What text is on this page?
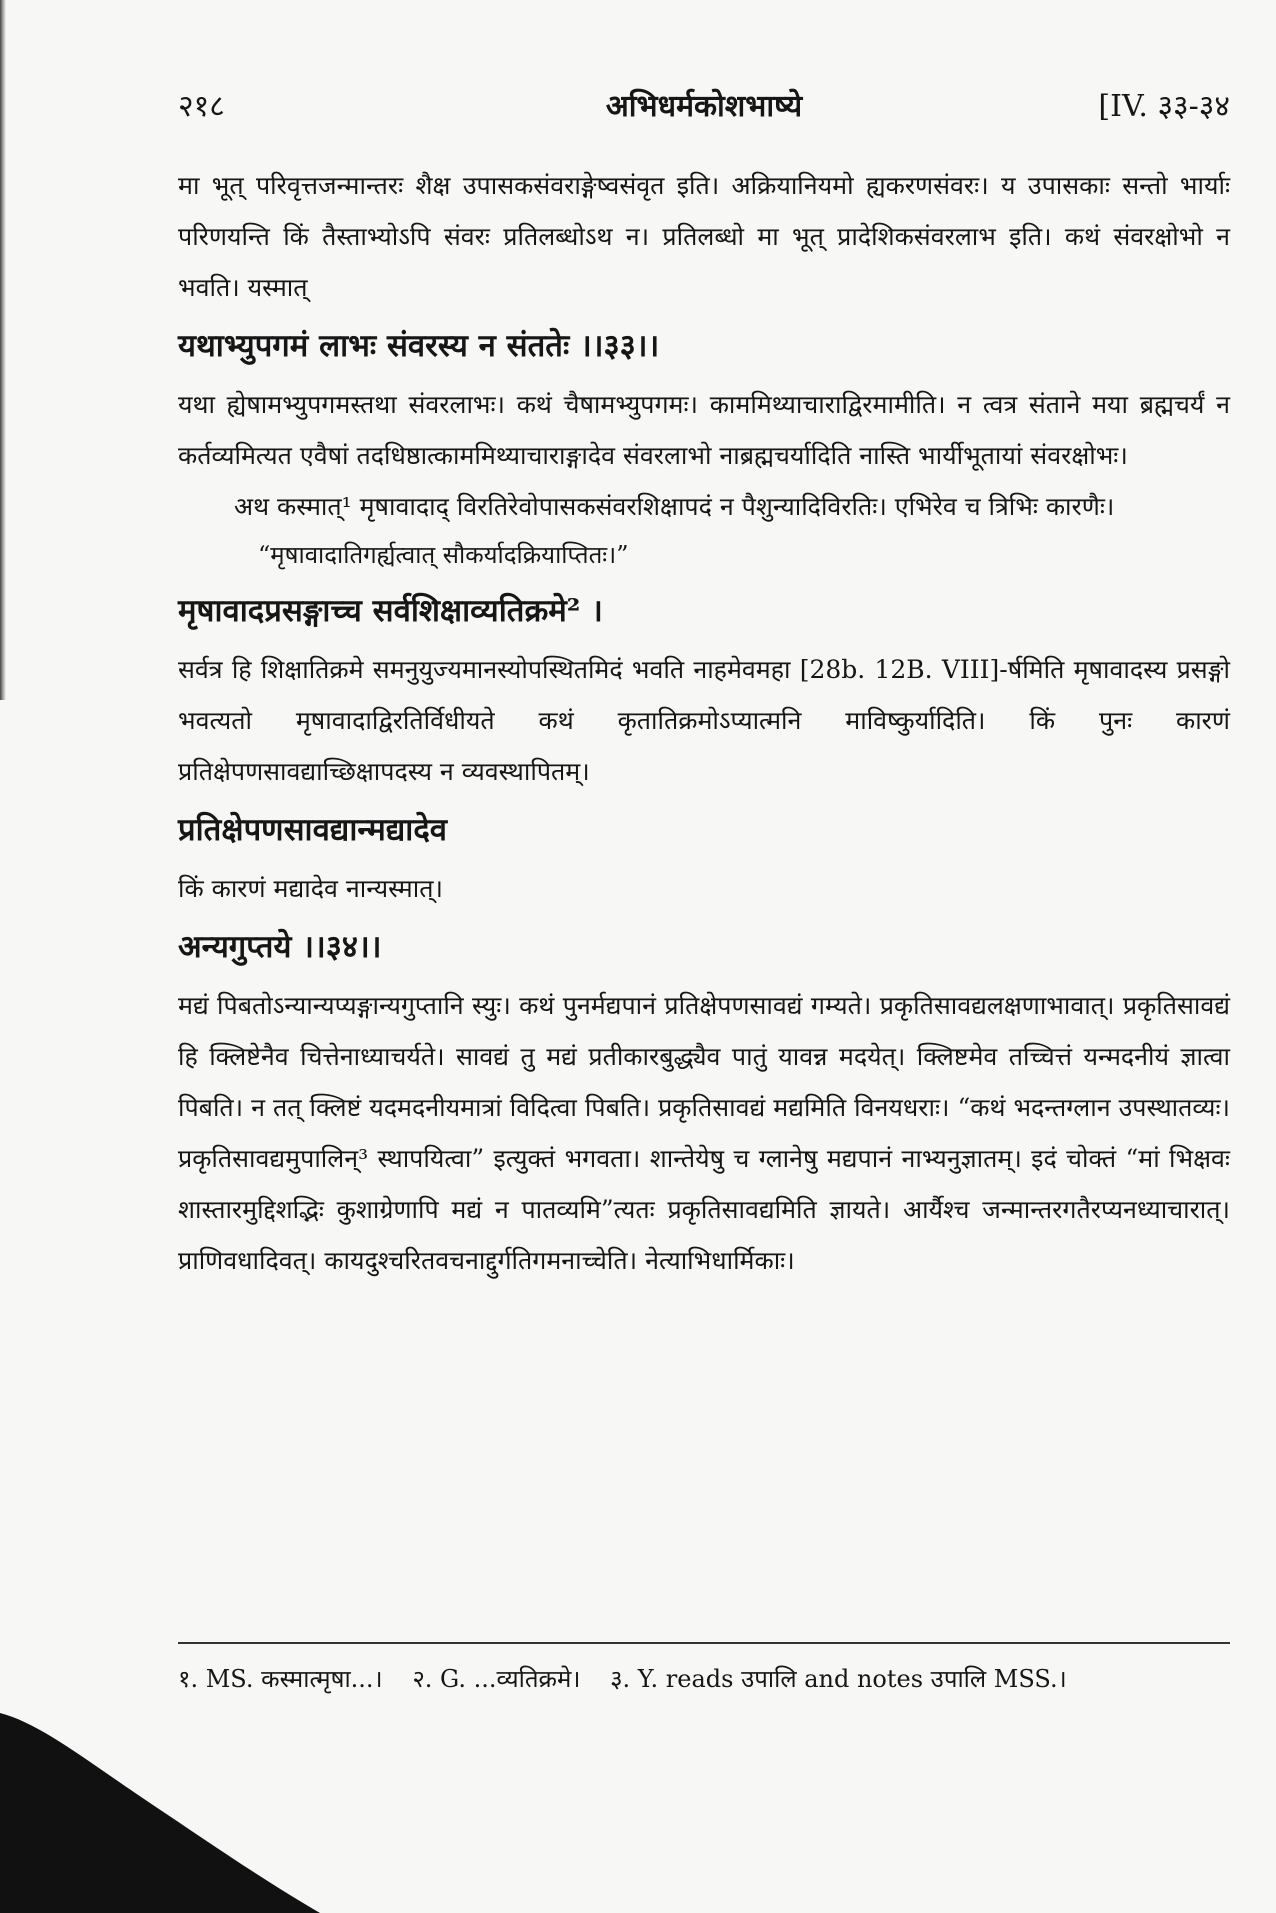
२१८	अभिधर्मकोशभाष्ये	[IV. ३३-३४

मा भूत् परिवृत्तजन्मान्तरः शैक्ष उपासकसंवराङ्गेष्वसंवृत इति। अक्रियानियमो ह्यकरणसंवरः। य उपासकाः सन्तो भार्याः परिणयन्ति किं तैस्ताभ्योऽपि संवरः प्रतिलब्धोऽथ न। प्रतिलब्धो मा भूत् प्रादेशिकसंवरलाभ इति। कथं संवरक्षोभो न भवति। यस्मात्

यथाभ्युपगमं लाभः संवरस्य न संततेः ।।३३।।

यथा ह्येषामभ्युपगमस्तथा संवरलाभः। कथं चैषामभ्युपगमः। काममिथ्याचाराद्विरमामीति। न त्वत्र संताने मया ब्रह्मचर्यं न कर्तव्यमित्यत एवैषां तदधिष्ठात्काममिथ्याचाराङ्गादेव संवरलाभो नाब्रह्मचर्यादिति नास्ति भार्यीभूतायां संवरक्षोभः।

अथ कस्मात्¹ मृषावादाद् विरतिरेवोपासकसंवरशिक्षापदं न पैशुन्यादिविरतिः। एभिरेव च त्रिभिः कारणैः।

“मृषावादातिगर्ह्यत्वात् सौकर्यादक्रियाप्तितः।”

मृषावादप्रसङ्गाच्च सर्वशिक्षाव्यतिक्रमे² ।

सर्वत्र हि शिक्षातिक्रमे समनुयुज्यमानस्योपस्थितमिदं भवति नाहमेवमहा [28b. 12B. VIII]-र्षमिति मृषावादस्य प्रसङ्गो भवत्यतो मृषावादाद्विरतिर्विधीयते कथं कृतातिक्रमोऽप्यात्मनि माविष्कुर्यादिति। किं पुनः कारणं प्रतिक्षेपणसावद्याच्छिक्षापदस्य न व्यवस्थापितम्।

प्रतिक्षेपणसावद्यान्मद्यादेव

किं कारणं मद्यादेव नान्यस्मात्।

अन्यगुप्तये ।।३४।।

मद्यं पिबतोऽन्यान्यप्यङ्गान्यगुप्तानि स्युः। कथं पुनर्मद्यपानं प्रतिक्षेपणसावद्यं गम्यते। प्रकृतिसावद्यलक्षणाभावात्। प्रकृतिसावद्यं हि क्लिष्टेनैव चित्तेनाध्याचर्यते। सावद्यं तु मद्यं प्रतीकारबुद्ध्यैव पातुं यावन्न मदयेत्। क्लिष्टमेव तच्चित्तं यन्मदनीयं ज्ञात्वा पिबति। न तत् क्लिष्टं यदमदनीयमात्रां विदित्वा पिबति। प्रकृतिसावद्यं मद्यमिति विनयधराः। “कथं भदन्तग्लान उपस्थातव्यः। प्रकृतिसावद्यमुपालिन्³ स्थापयित्वा” इत्युक्तं भगवता। शान्तेयेषु च ग्लानेषु मद्यपानं नाभ्यनुज्ञातम्। इदं चोक्तं “मां भिक्षवः शास्तारमुद्दिशद्भिः कुशाग्रेणापि मद्यं न पातव्यमि”त्यतः प्रकृतिसावद्यमिति ज्ञायते। आर्यैश्च जन्मान्तरगतैरप्यनध्याचारात्। प्राणिवधादिवत्। कायदुश्चरितवचनाद्दुर्गतिगमनाच्चेति। नेत्याभिधार्मिकाः।

१. MS. कस्मात्मृषा...। २. G. ...व्यतिक्रमे। ३. Y. reads उपालि and notes उपालि MSS.।
